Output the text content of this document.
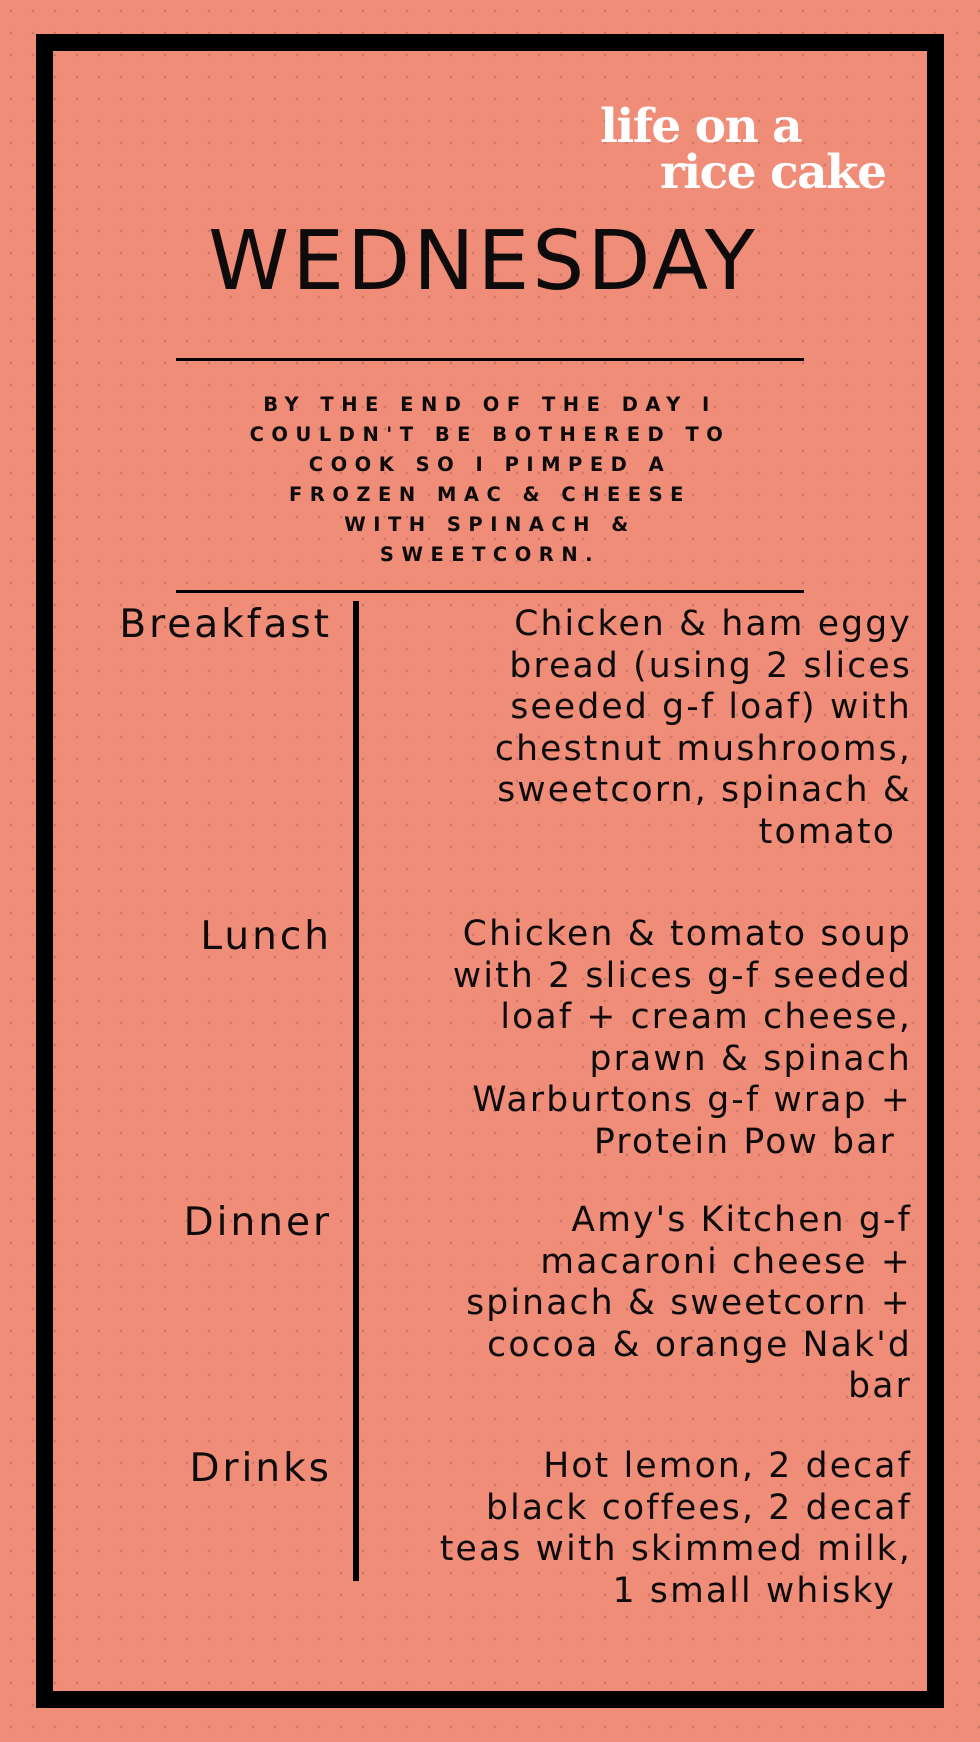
life on a
rice cake
WEDNESDAY
BY THE END OF THE DAY I
COULDN'T BE BOTHERED TO
COOK SO I PIMPED A
FROZEN MAC & CHEESE
WITH SPINACH &
SWEETCORN.
Breakfast	Chicken & ham eggy
bread (using 2 slices
seeded g-f loaf) with
chestnut mushrooms,
sweetcorn, spinach &
tomato
Lunch	Chicken & tomato soup
with 2 slices g-f seeded
loaf + cream cheese,
prawn & spinach
Warburtons g-f wrap +
Protein Pow bar
Dinner	Amy's Kitchen g-f
macaroni cheese +
spinach & sweetcorn +
cocoa & orange Nak'd
bar
Drinks	Hot lemon, 2 decaf
black coffees, 2 decaf
teas with skimmed milk,
1 small whisky
